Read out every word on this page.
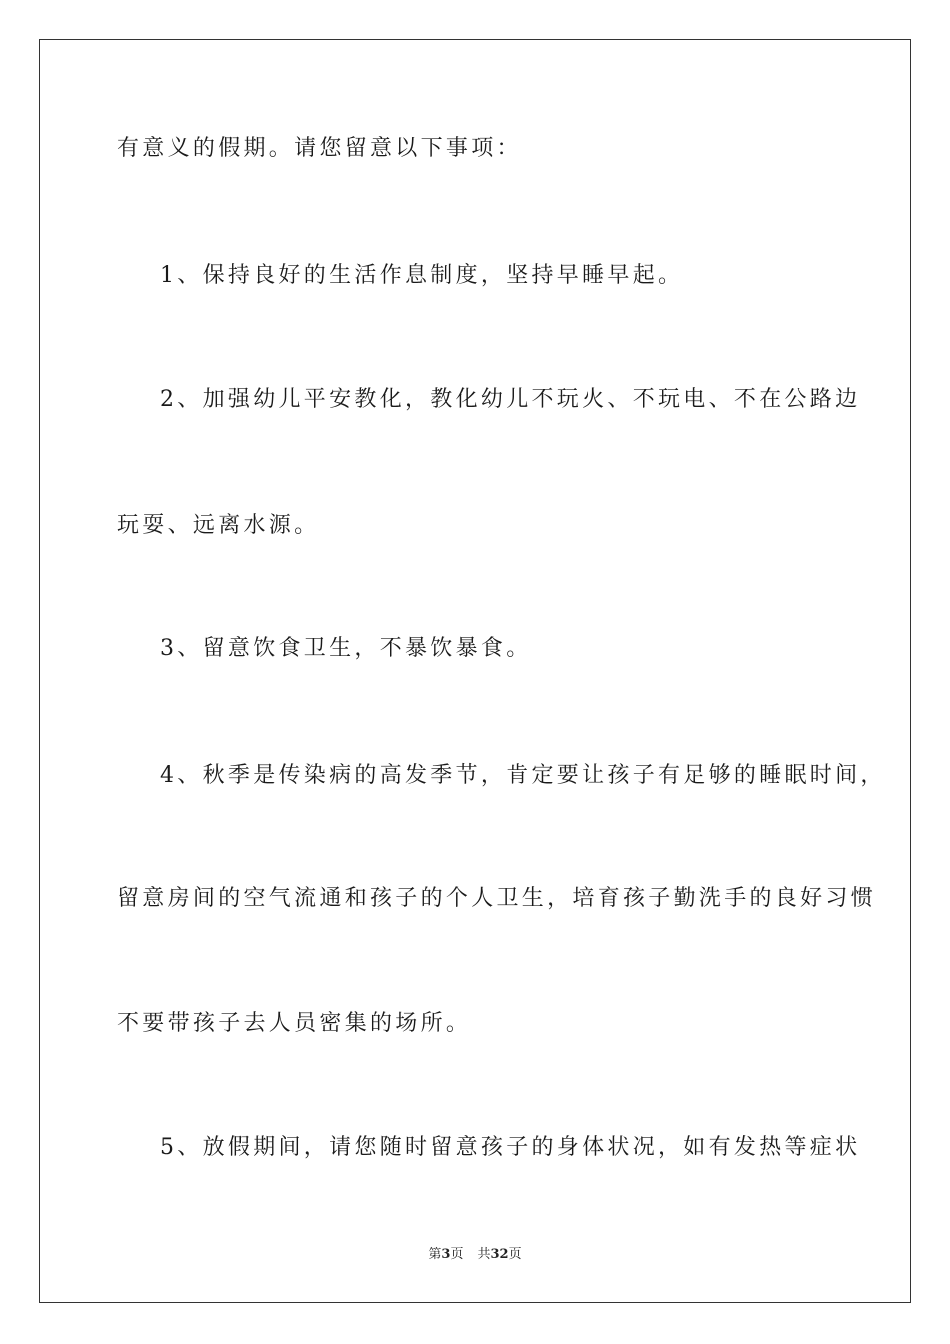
有意义的假期。请您留意以下事项：
1、保持良好的生活作息制度，坚持早睡早起。
2、加强幼儿平安教化，教化幼儿不玩火、不玩电、不在公路边
玩耍、远离水源。
3、留意饮食卫生，不暴饮暴食。
4、秋季是传染病的高发季节，肯定要让孩子有足够的睡眠时间，
留意房间的空气流通和孩子的个人卫生，培育孩子勤洗手的良好习惯
不要带孩子去人员密集的场所。
5、放假期间，请您随时留意孩子的身体状况，如有发热等症状
第3页 共32页
